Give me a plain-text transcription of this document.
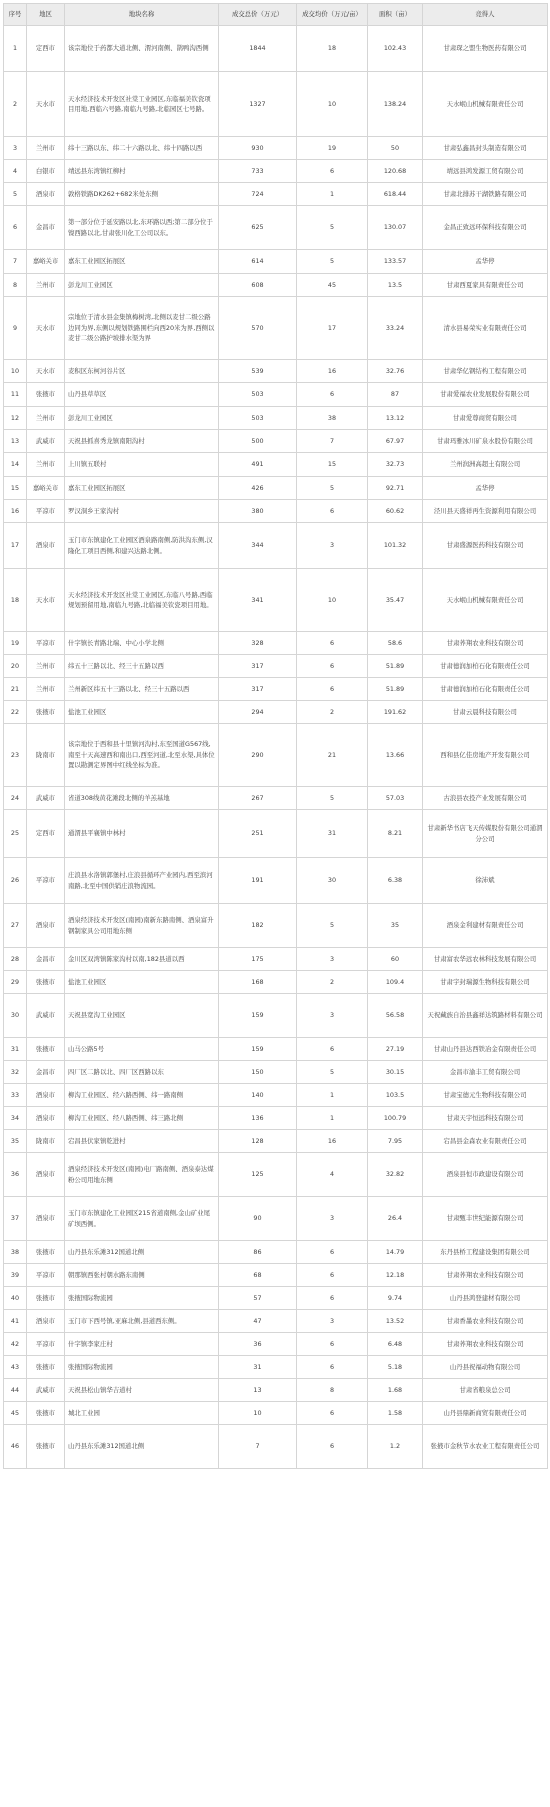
序号	地区	地块名称	成交总价（万元）	成交均价（万元/亩）	面积（亩）	竞得人
1	定西市	该宗地位于药都大道北侧、渭河南侧、鹊鸭沟西侧	1844	18	102.43	甘肃琛之盟生物医药有限公司
2	天水市	天水经济技术开发区社棠工业园区,东临福美钦瓷项目用地,西临六号路,南临九号路,北临园区七号路。	1327	10	138.24	天水岷山机械有限责任公司
3	兰州市	纬十三路以东、纬二十六路以北、纬十四路以西	930	19	50	甘肃弘鑫昌封头制造有限公司
4	白银市	靖远县东湾镇红柳村	733	6	120.68	靖远县鸿发源工贸有限公司
5	酒泉市	敦格铁路DK262+682米处东侧	724	1	618.44	甘肃北排苏干湖铁路有限公司
6	金昌市	第一部分位于延安路以北,东环路以西;第二部分位于镍西路以北,甘肃张川化工公司以东。	625	5	130.07	金昌正致远环保科技有限公司
7	嘉峪关市	嘉东工业园区拓展区	614	5	133.57	孟华停
8	兰州市	彭龙川工业园区	608	45	13.5	甘肃西夏家具有限责任公司
9	天水市	宗地位于清水县金集镇梅树湾,北侧以麦甘二级公路边同为界,东侧以规划铁路围栏向西20米为界,西侧以麦甘二级公路护坡排水渠为界	570	17	33.24	清水县易荣实业有限责任公司
10	天水市	麦积区东柯河谷片区	539	16	32.76	甘肃华亿钢结构工程有限公司
11	张掖市	山丹县草草区	503	6	87	甘肃爱福农业发展股份有限公司
12	兰州市	彭龙川工业园区	503	38	13.12	甘肃爱尊商贸有限公司
13	武威市	天祝县抓喜秀龙镇南阳沟村	500	7	67.97	甘肃玛雅冰川矿泉水股份有限公司
14	兰州市	上川镇五联村	491	15	32.73	兰州润洲高超土有限公司
15	嘉峪关市	嘉东工业园区拓展区	426	5	92.71	孟华停
16	平凉市	罗汉洞乡王家沟村	380	6	60.62	泾川县天盛祥再生资源利用有限公司
17	酒泉市	玉门市东镇建化工业园区酒泉路南侧,防洪沟东侧,汉隆化工项目西侧,和建兴达路北侧。	344	3	101.32	甘肃盛源医药科技有限公司
18	天水市	天水经济技术开发区社棠工业园区,东临八号路,西临规划预留用地,南临九号路,北临福美钦瓷项目用地。	341	10	35.47	天水岷山机械有限责任公司
19	平凉市	什字镇长青路北端、中心小学北侧	328	6	58.6	甘肃荞翔农业科技有限公司
20	兰州市	纬五十三路以北、经三十五路以西	317	6	51.89	甘肃德润加柏石化有限责任公司
21	兰州市	兰州新区纬五十三路以北、经三十五路以西	317	6	51.89	甘肃德润加柏石化有限责任公司
22	张掖市	盐池工业园区	294	2	191.62	甘肃云晨科技有限公司
23	陇南市	该宗地位于西和县十里镇河沟村,东至国道G567线,南至十天高速西和南出口,西至河道,北至水渠,具体位置以勘测定界图中红线坐标为准。	290	21	13.66	西和县亿佳房地产开发有限公司
24	武威市	省道308线黄花滩段北侧的羊羔基地	267	5	57.03	古浪县农投产业发展有限公司
25	定西市	通渭县平襄镇中林村	251	31	8.21	甘肃新华书店飞天传媒股份有限公司通渭分公司
26	平凉市	庄浪县水洛镇郭堡村,庄浪县循环产业园内,西至滨河南路,北至中国供销庄浪物流园。	191	30	6.38	徐沛斌
27	酒泉市	酒泉经济技术开发区(南园)南新东路南侧、酒泉富升钢制家具公司用地东侧	182	5	35	酒泉金利建材有限责任公司
28	金昌市	金川区双湾镇陈家沟村以南,182县道以西	175	3	60	甘肃富农华远农林科技发展有限公司
29	张掖市	盐池工业园区	168	2	109.4	甘肃宇封瑞源生物科技有限公司
30	武威市	天祝县宽沟工业园区	159	3	56.58	天祝藏族自治县鑫祥达筑路材料有限公司
31	张掖市	山马公路5号	159	6	27.19	甘肃山丹县达西铁冶金有限责任公司
32	金昌市	四厂区二路以北、四厂区西路以东	150	5	30.15	金昌市渝丰工贸有限公司
33	酒泉市	柳沟工业园区、经六路西侧、纬一路南侧	140	1	103.5	甘肃宝德元生物科技有限公司
34	酒泉市	柳沟工业园区、经八路西侧、纬三路北侧	136	1	100.79	甘肃天宇恒远科技有限公司
35	陇南市	宕昌县伏家镇乾进村	128	16	7.95	宕昌县金森农业有限责任公司
36	酒泉市	酒泉经济技术开发区(南园)电厂路南侧、酒泉泰达煤粉公司用地东侧	125	4	32.82	酒泉县恒市政建设有限公司
37	酒泉市	玉门市东镇建化工业园区215省道南侧,金山矿业尾矿坝西侧。	90	3	26.4	甘肃甄丰世纪能源有限公司
38	张掖市	山丹县东乐滩312国道北侧	86	6	14.79	东丹县桥工程建设集团有限公司
39	平凉市	朝那镇西张村朝水路东南侧	68	6	12.18	甘肃荞翔农业科技有限公司
40	张掖市	张掖国际物流园	57	6	9.74	山丹县鸿登建材有限公司
41	酒泉市	玉门市下西号镇,亚麻北侧,县道西东侧。	47	3	13.52	甘肃香墨农业科技有限公司
42	平凉市	什字镇李家庄村	36	6	6.48	甘肃荞翔农业科技有限公司
43	张掖市	张掖国际物流园	31	6	5.18	山丹县祝福动物有限公司
44	武威市	天祝县松山镇华吉道村	13	8	1.68	甘肃省粮泉总公司
45	张掖市	城北工业园	10	6	1.58	山丹县鼎新商贸有限责任公司
46	张掖市	山丹县东乐滩312国道北侧	7	6	1.2	张掖市金秋节水农业工程有限责任公司
